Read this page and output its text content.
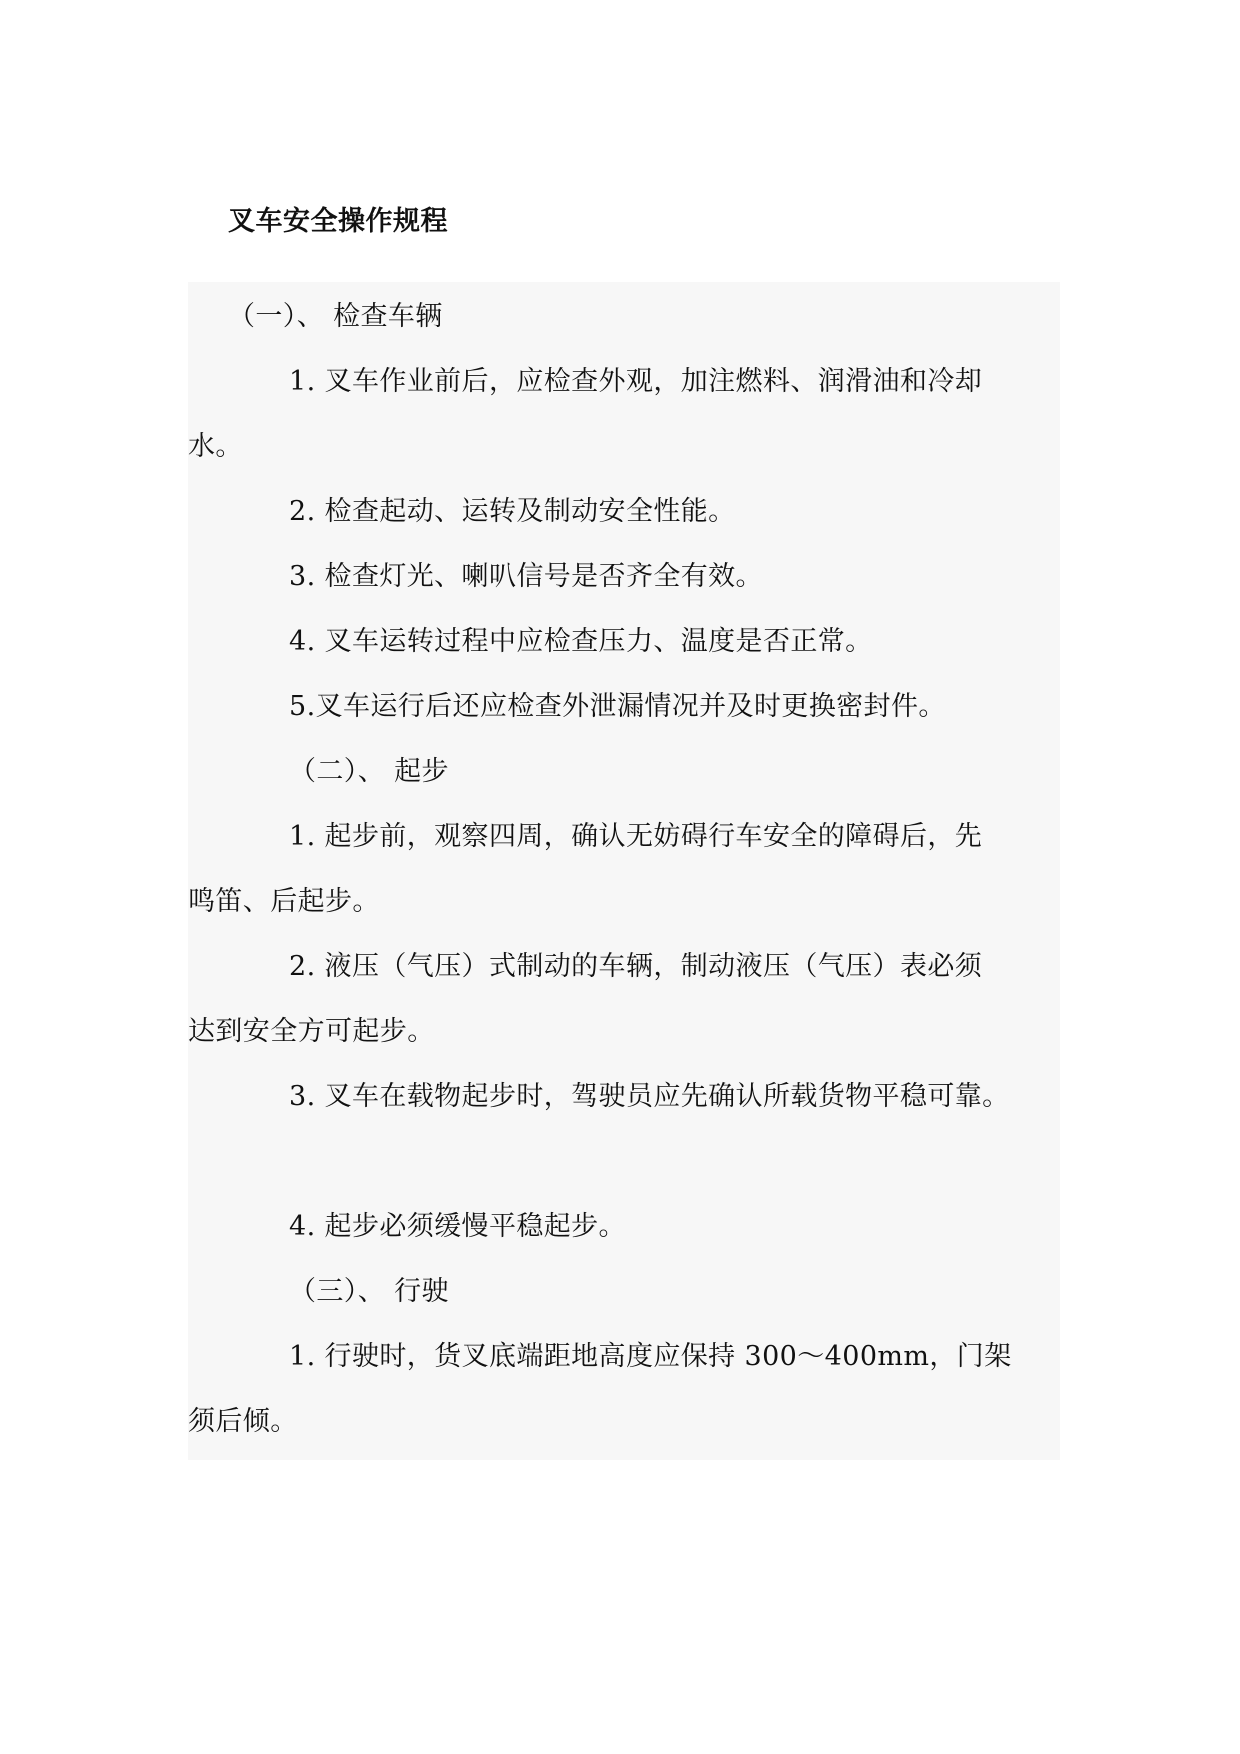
叉车安全操作规程
（一）、 检查车辆
1. 叉车作业前后，应检查外观，加注燃料、润滑油和冷却
水。
2. 检查起动、运转及制动安全性能。
3. 检查灯光、喇叭信号是否齐全有效。
4. 叉车运转过程中应检查压力、温度是否正常。
5.叉车运行后还应检查外泄漏情况并及时更换密封件。
（二）、 起步
1. 起步前，观察四周，确认无妨碍行车安全的障碍后，先
鸣笛、后起步。
2. 液压（气压）式制动的车辆，制动液压（气压）表必须
达到安全方可起步。
3. 叉车在载物起步时，驾驶员应先确认所载货物平稳可靠。
4. 起步必须缓慢平稳起步。
（三）、 行驶
1. 行驶时，货叉底端距地高度应保持 300～400mm，门架
须后倾。
